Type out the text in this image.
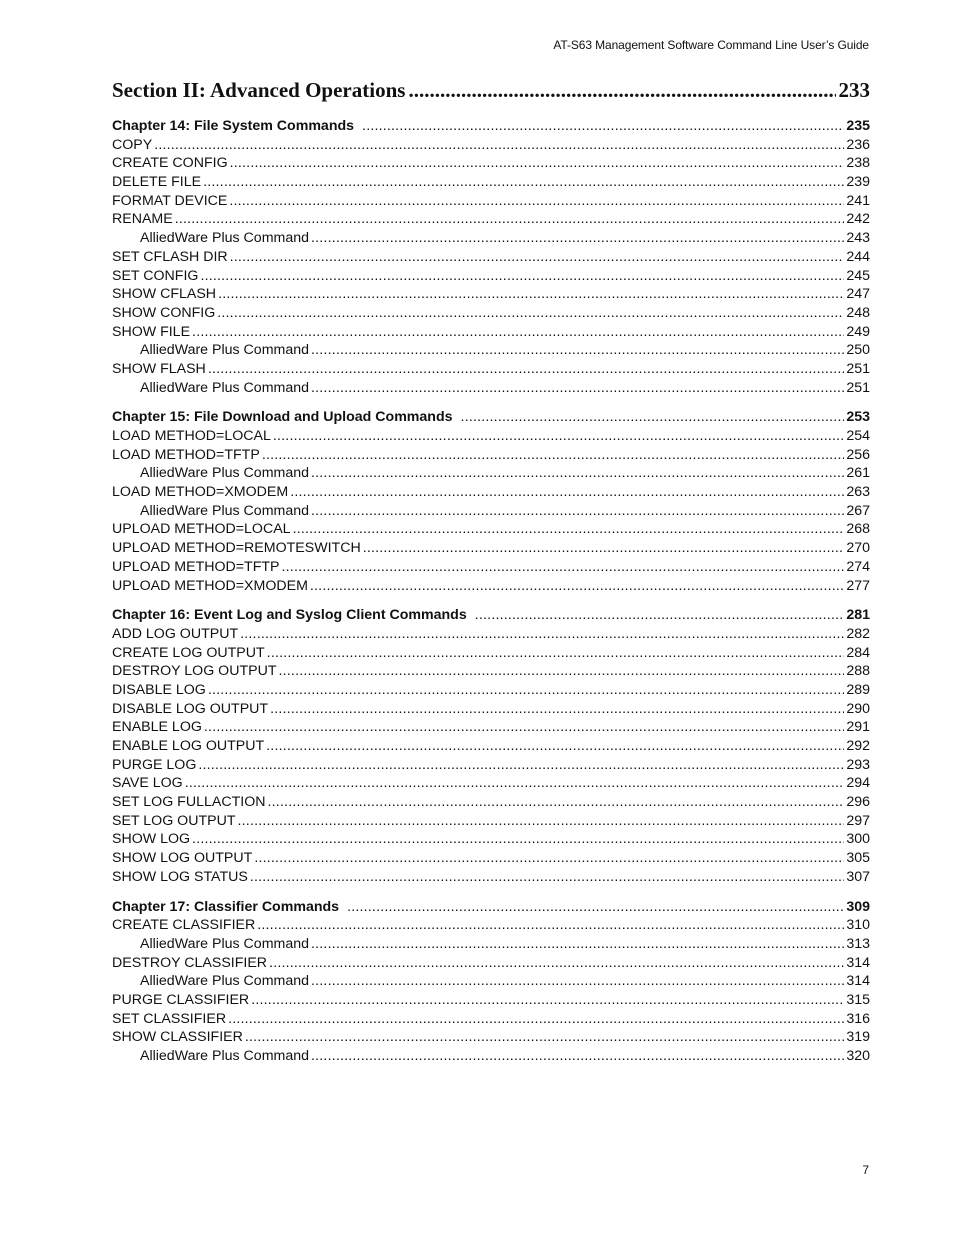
AT-S63 Management Software Command Line User’s Guide
Section II: Advanced Operations .....	233
Chapter 14: File System Commands .....	235
COPY .....	236
CREATE CONFIG .....	238
DELETE FILE .....	239
FORMAT DEVICE .....	241
RENAME .....	242
AlliedWare Plus Command .....	243
SET CFLASH DIR .....	244
SET CONFIG .....	245
SHOW CFLASH .....	247
SHOW CONFIG .....	248
SHOW FILE .....	249
AlliedWare Plus Command .....	250
SHOW FLASH .....	251
AlliedWare Plus Command .....	251
Chapter 15: File Download and Upload Commands .....	253
LOAD METHOD=LOCAL .....	254
LOAD METHOD=TFTP .....	256
AlliedWare Plus Command .....	261
LOAD METHOD=XMODEM .....	263
AlliedWare Plus Command .....	267
UPLOAD METHOD=LOCAL .....	268
UPLOAD METHOD=REMOTESWITCH .....	270
UPLOAD METHOD=TFTP .....	274
UPLOAD METHOD=XMODEM .....	277
Chapter 16: Event Log and Syslog Client Commands .....	281
ADD LOG OUTPUT .....	282
CREATE LOG OUTPUT .....	284
DESTROY LOG OUTPUT .....	288
DISABLE LOG .....	289
DISABLE LOG OUTPUT .....	290
ENABLE LOG .....	291
ENABLE LOG OUTPUT .....	292
PURGE LOG .....	293
SAVE LOG .....	294
SET LOG FULLACTION .....	296
SET LOG OUTPUT .....	297
SHOW LOG .....	300
SHOW LOG OUTPUT .....	305
SHOW LOG STATUS .....	307
Chapter 17: Classifier Commands .....	309
CREATE CLASSIFIER .....	310
AlliedWare Plus Command .....	313
DESTROY CLASSIFIER .....	314
AlliedWare Plus Command .....	314
PURGE CLASSIFIER .....	315
SET CLASSIFIER .....	316
SHOW CLASSIFIER .....	319
AlliedWare Plus Command .....	320
7
